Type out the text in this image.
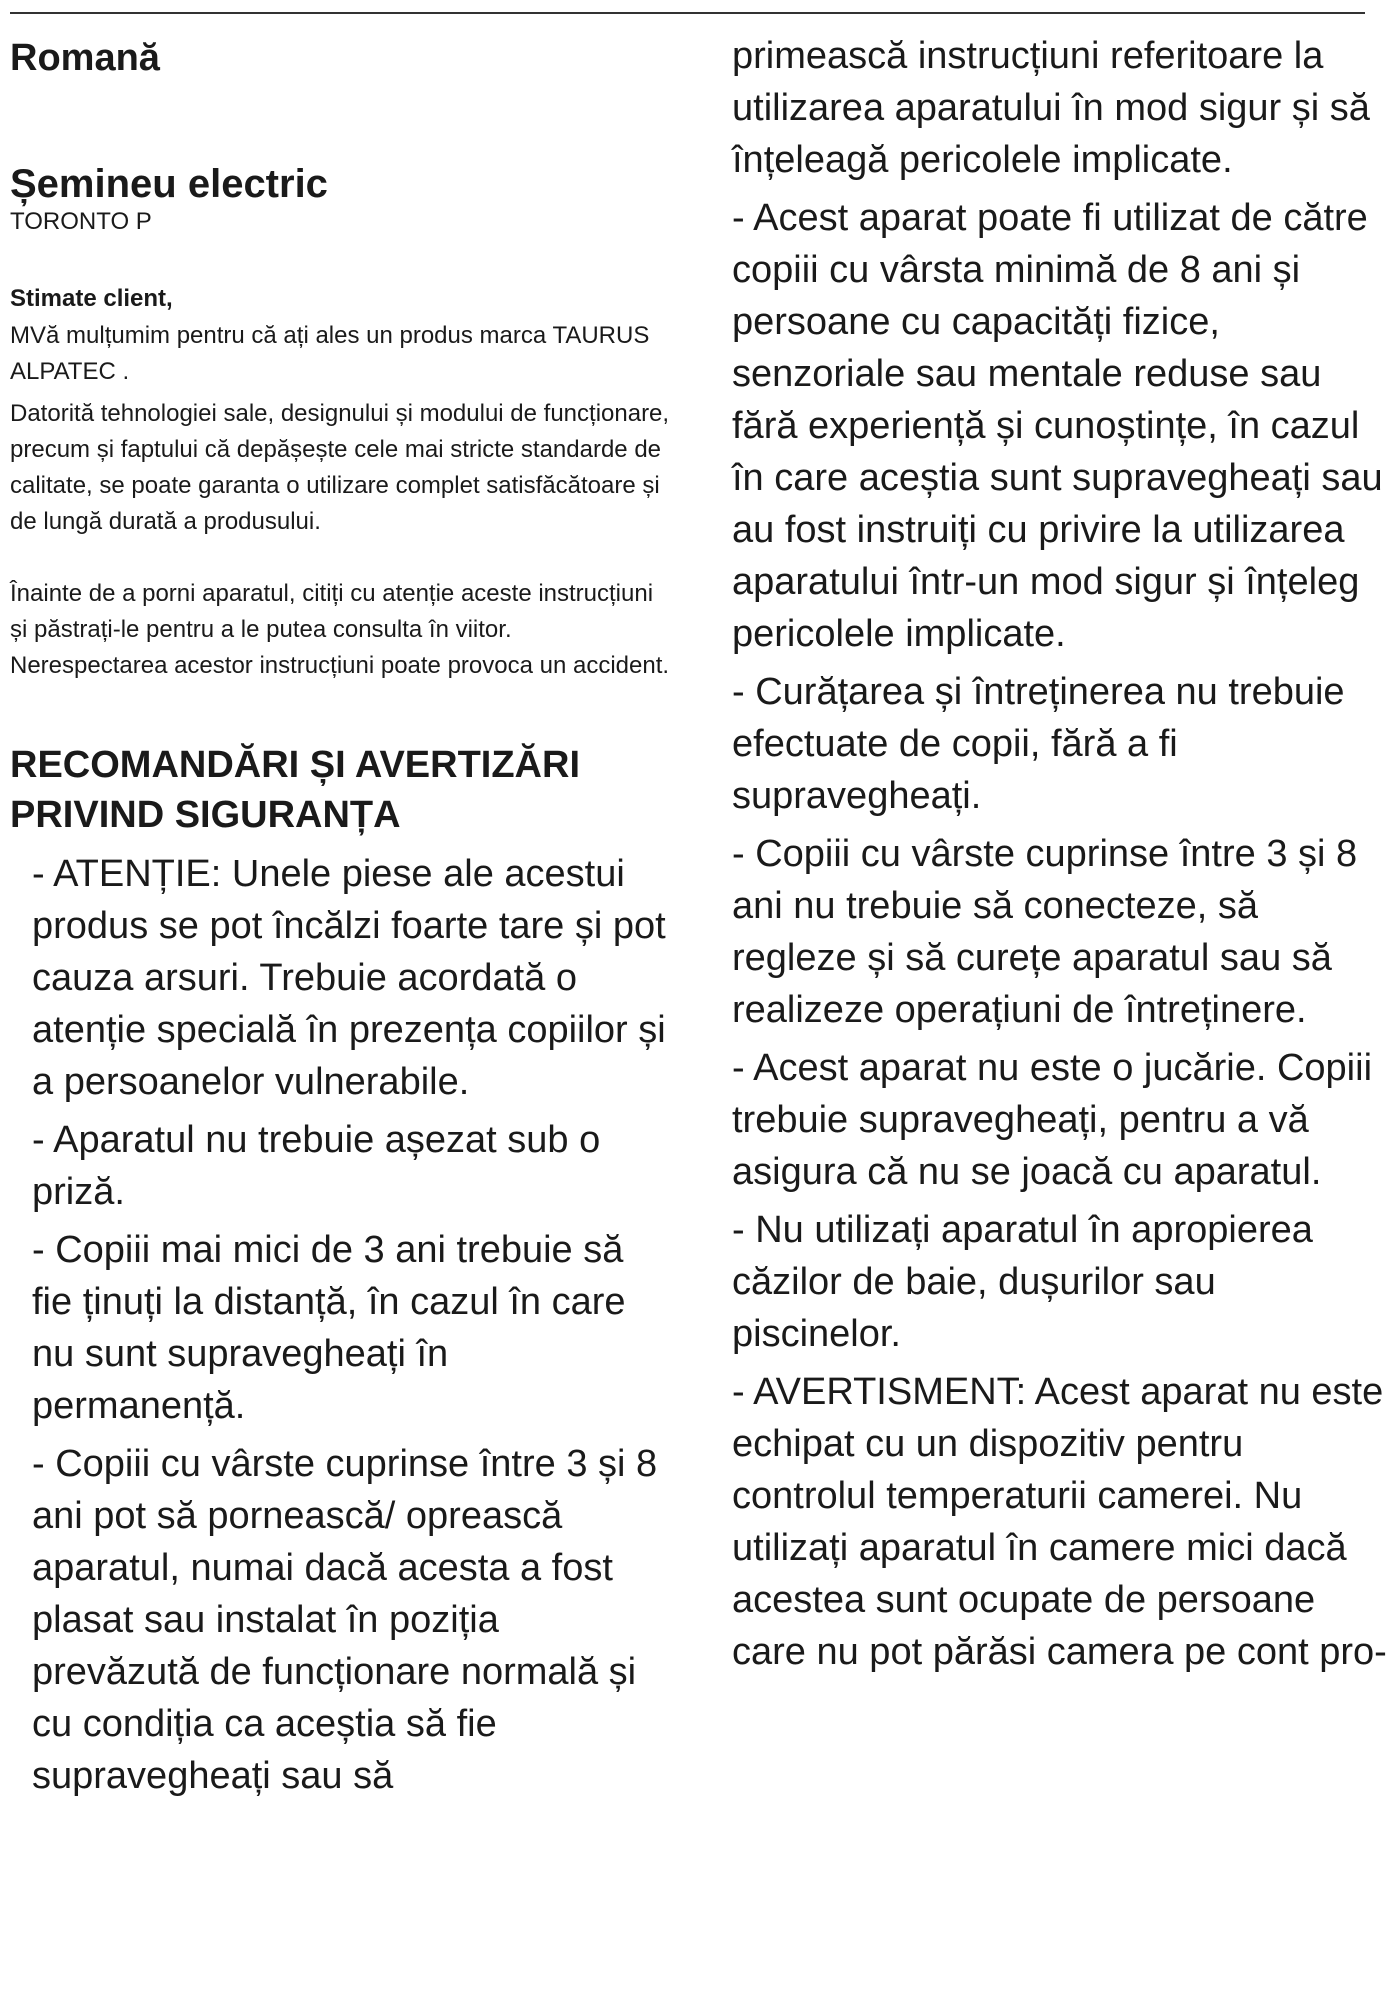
Romană
Șemineu electric
TORONTO P
Stimate client,

MVă mulțumim pentru că ați ales un produs marca TAURUS ALPATEC .

Datorită tehnologiei sale, designului și modului de funcționare, precum și faptului că depășește cele mai stricte standarde de calitate, se poate garanta o utilizare complet satisfăcătoare și de lungă durată a produsului.

Înainte de a porni aparatul, citiți cu atenție aceste instrucțiuni și păstrați-le pentru a le putea consulta în viitor. Nerespectarea acestor instrucțiuni poate provoca un accident.

RECOMANDĂRI ȘI AVERTIZĂRI PRIVIND SIGURANȚA

- ATENȚIE: Unele piese ale acestui produs se pot încălzi foarte tare și pot cauza arsuri. Trebuie acordată o atenție specială în prezența copiilor și a persoanelor vulnerabile.

- Aparatul nu trebuie așezat sub o priză.

- Copiii mai mici de 3 ani trebuie să fie ținuți la distanță, în cazul în care nu sunt supravegheați în permanență.

- Copiii cu vârste cuprinse între 3 și 8 ani pot să pornească/ oprească aparatul, numai dacă acesta a fost plasat sau instalat în poziția prevăzută de funcționare normală și cu condiția ca aceștia să fie supravegheați sau să

primească instrucțiuni referitoare la utilizarea aparatului în mod sigur și să înțeleagă pericolele implicate.

- Acest aparat poate fi utilizat de către copiii cu vârsta minimă de 8 ani și persoane cu capacități fizice, senzoriale sau mentale reduse sau fără experiență și cunoștințe, în cazul în care aceștia sunt supravegheați sau au fost instruiți cu privire la utilizarea aparatului într-un mod sigur și înțeleg pericolele implicate.

- Curățarea și întreținerea nu trebuie efectuate de copii, fără a fi supravegheați.

- Copiii cu vârste cuprinse între 3 și 8 ani nu trebuie să conecteze, să regleze și să curețe aparatul sau să realizeze operațiuni de întreținere.

- Acest aparat nu este o jucărie. Copiii trebuie supravegheați, pentru a vă asigura că nu se joacă cu aparatul.

- Nu utilizați aparatul în apropierea căzilor de baie, dușurilor sau piscinelor.

- AVERTISMENT: Acest aparat nu este echipat cu un dispozitiv pentru controlul temperaturii camerei. Nu utilizați aparatul în camere mici dacă acestea sunt ocupate de persoane care nu pot părăsi camera pe cont pro-
